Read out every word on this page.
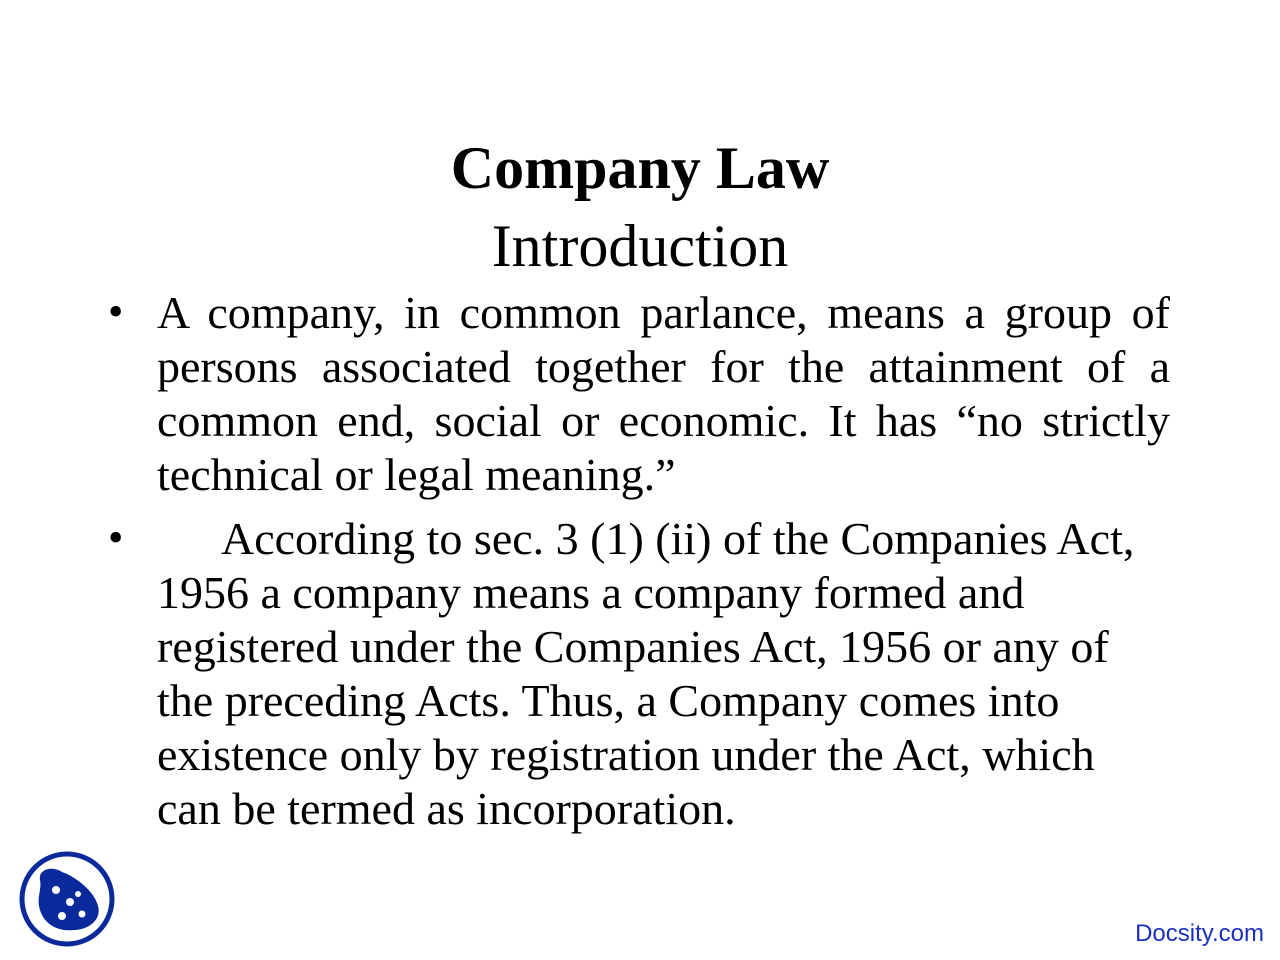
Company Law
Introduction
• A company, in common parlance, means a group of persons associated together for the attainment of a common end, social or economic. It has “no strictly technical or legal meaning.”
•	According to sec. 3 (1) (ii) of the Companies Act, 1956 a company means a company formed and registered under the Companies Act, 1956 or any of the preceding Acts. Thus, a Company comes into existence only by registration under the Act, which can be termed as incorporation.
Docsity.com
